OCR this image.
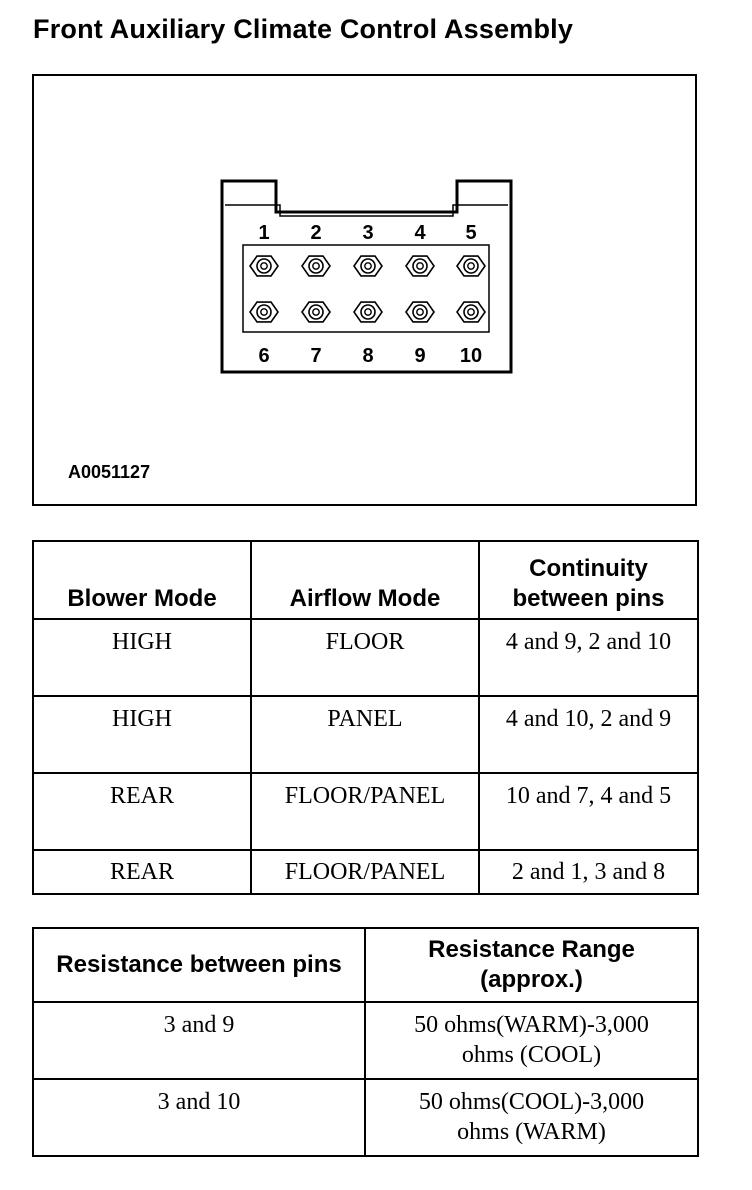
Front Auxiliary Climate Control Assembly
1 2 3 4 5
6 7 8 9 10
A0051127
Blower Mode	Airflow Mode	Continuity
between pins
HIGH	FLOOR	4 and 9, 2 and 10
HIGH	PANEL	4 and 10, 2 and 9
REAR	FLOOR/PANEL	10 and 7, 4 and 5
REAR	FLOOR/PANEL	2 and 1, 3 and 8
Resistance between pins	Resistance Range (approx.)
3 and 9	50 ohms(WARM)-3,000 ohms (COOL)
3 and 10	50 ohms(COOL)-3,000 ohms (WARM)
